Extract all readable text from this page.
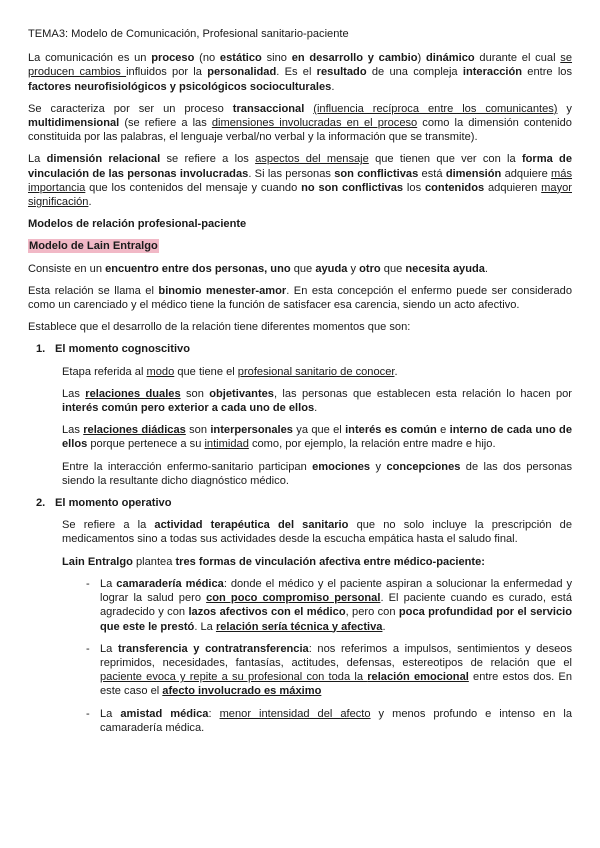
TEMA3: Modelo de Comunicación, Profesional sanitario-paciente

La comunicación es un proceso (no estático sino en desarrollo y cambio) dinámico durante el cual se producen cambios influidos por la personalidad. Es el resultado de una compleja interacción entre los factores neurofisiológicos y psicológicos socioculturales.

Se caracteriza por ser un proceso transaccional (influencia recíproca entre los comunicantes) y multidimensional (se refiere a las dimensiones involucradas en el proceso como la dimensión contenido constituida por las palabras, el lenguaje verbal/no verbal y la información que se transmite).

La dimensión relacional se refiere a los aspectos del mensaje que tienen que ver con la forma de vinculación de las personas involucradas. Si las personas son conflictivas está dimensión adquiere más importancia que los contenidos del mensaje y cuando no son conflictivas los contenidos adquieren mayor significación.

Modelos de relación profesional-paciente
Modelo de Lain Entralgo

Consiste en un encuentro entre dos personas, uno que ayuda y otro que necesita ayuda.

Esta relación se llama el binomio menester-amor. En esta concepción el enfermo puede ser considerado como un carenciado y el médico tiene la función de satisfacer esa carencia, siendo un acto afectivo.

Establece que el desarrollo de la relación tiene diferentes momentos que son:

1. El momento cognoscitivo

Etapa referida al modo que tiene el profesional sanitario de conocer.

Las relaciones duales son objetivantes, las personas que establecen esta relación lo hacen por interés común pero exterior a cada uno de ellos.

Las relaciones diádicas son interpersonales ya que el interés es común e interno de cada uno de ellos porque pertenece a su intimidad como, por ejemplo, la relación entre madre e hijo.

Entre la interacción enfermo-sanitario participan emociones y concepciones de las dos personas siendo la resultante dicho diagnóstico médico.

2. El momento operativo

Se refiere a la actividad terapéutica del sanitario que no solo incluye la prescripción de medicamentos sino a todas sus actividades desde la escucha empática hasta el saludo final.

Lain Entralgo plantea tres formas de vinculación afectiva entre médico-paciente:

- La camaradería médica: donde el médico y el paciente aspiran a solucionar la enfermedad y lograr la salud pero con poco compromiso personal. El paciente cuando es curado, está agradecido y con lazos afectivos con el médico, pero con poca profundidad por el servicio que este le prestó. La relación sería técnica y afectiva.
- La transferencia y contratransferencia: nos referimos a impulsos, sentimientos y deseos reprimidos, necesidades, fantasías, actitudes, defensas, estereotipos de relación que el paciente evoca y repite a su profesional con toda la relación emocional entre estos dos. En este caso el afecto involucrado es máximo
- La amistad médica: menor intensidad del afecto y menos profundo e intenso en la camaradería médica.
